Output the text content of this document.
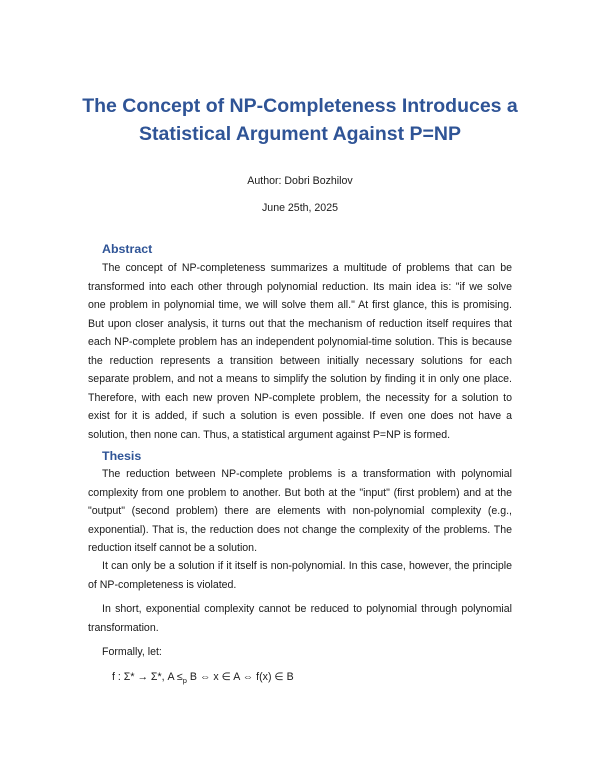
The Concept of NP-Completeness Introduces a
Statistical Argument Against P=NP
Author: Dobri Bozhilov
June 25th, 2025
Abstract
The concept of NP-completeness summarizes a multitude of problems that can be transformed into each other through polynomial reduction. Its main idea is: "if we solve one problem in polynomial time, we will solve them all." At first glance, this is promising. But upon closer analysis, it turns out that the mechanism of reduction itself requires that each NP-complete problem has an independent polynomial-time solution. This is because the reduction represents a transition between initially necessary solutions for each separate problem, and not a means to simplify the solution by finding it in only one place. Therefore, with each new proven NP-complete problem, the necessity for a solution to exist for it is added, if such a solution is even possible. If even one does not have a solution, then none can. Thus, a statistical argument against P=NP is formed.
Thesis
The reduction between NP-complete problems is a transformation with polynomial complexity from one problem to another. But both at the "input" (first problem) and at the "output" (second problem) there are elements with non-polynomial complexity (e.g., exponential). That is, the reduction does not change the complexity of the problems. The reduction itself cannot be a solution.
It can only be a solution if it itself is non-polynomial. In this case, however, the principle of NP-completeness is violated.
In short, exponential complexity cannot be reduced to polynomial through polynomial transformation.
Formally, let:
f : Σ* → Σ*, $A \le_p$ B ⇔ x ∈ A ⇔ f(x) ∈ B
